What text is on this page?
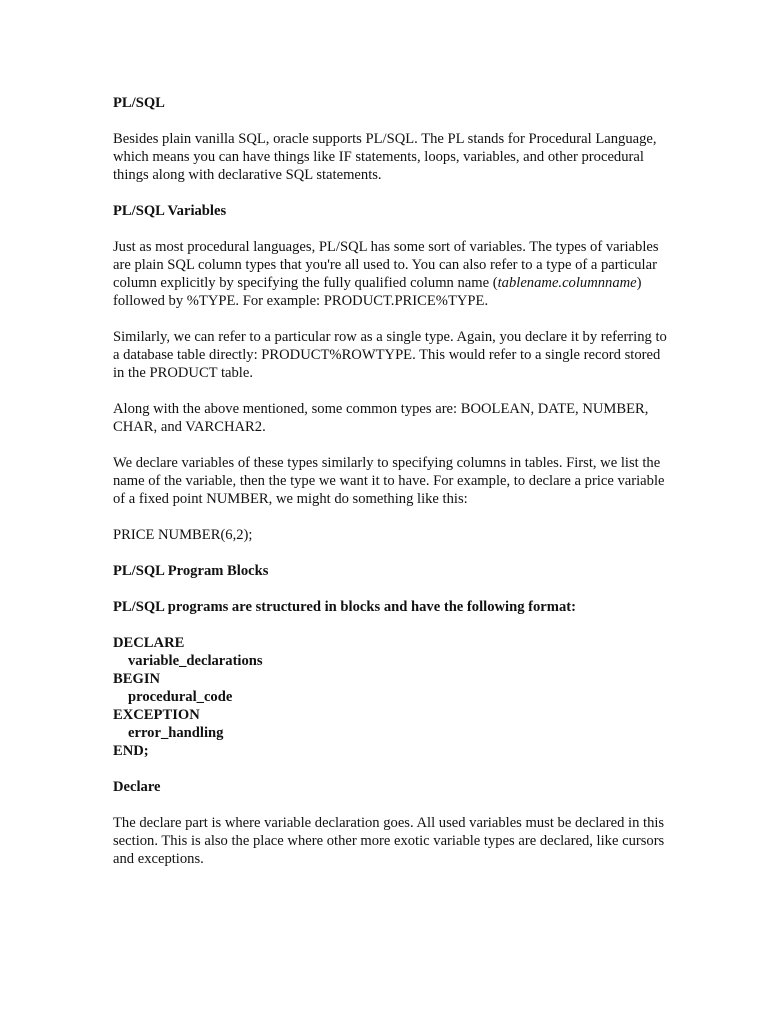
PL/SQL

Besides plain vanilla SQL, oracle supports PL/SQL. The PL stands for Procedural Language, which means you can have things like IF statements, loops, variables, and other procedural things along with declarative SQL statements.

PL/SQL Variables

Just as most procedural languages, PL/SQL has some sort of variables. The types of variables are plain SQL column types that you're all used to. You can also refer to a type of a particular column explicitly by specifying the fully qualified column name (tablename.columnname) followed by %TYPE. For example: PRODUCT.PRICE%TYPE.

Similarly, we can refer to a particular row as a single type. Again, you declare it by referring to a database table directly: PRODUCT%ROWTYPE. This would refer to a single record stored in the PRODUCT table.

Along with the above mentioned, some common types are: BOOLEAN, DATE, NUMBER, CHAR, and VARCHAR2.

We declare variables of these types similarly to specifying columns in tables. First, we list the name of the variable, then the type we want it to have. For example, to declare a price variable of a fixed point NUMBER, we might do something like this:

PRICE NUMBER(6,2);

PL/SQL Program Blocks

PL/SQL programs are structured in blocks and have the following format:

DECLARE
variable_declarations
BEGIN
procedural_code
EXCEPTION
error_handling
END;

Declare

The declare part is where variable declaration goes. All used variables must be declared in this section. This is also the place where other more exotic variable types are declared, like cursors and exceptions.
